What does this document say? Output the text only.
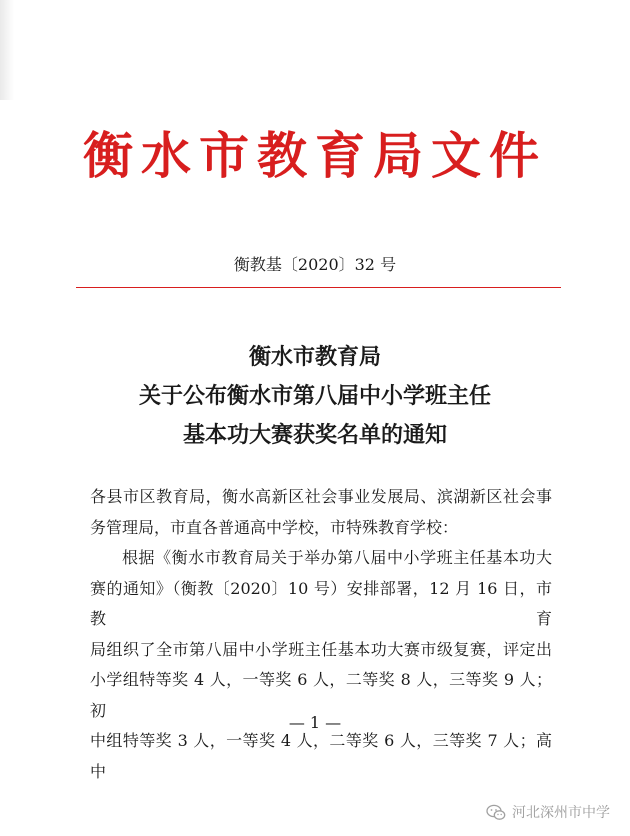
衡水市教育局文件
衡教基〔2020〕32 号
衡水市教育局
关于公布衡水市第八届中小学班主任
基本功大赛获奖名单的通知

各县市区教育局，衡水高新区社会事业发展局、滨湖新区社会事

务管理局，市直各普通高中学校，市特殊教育学校：

根据《衡水市教育局关于举办第八届中小学班主任基本功大

赛的通知》（衡教〔2020〕10 号）安排部署，12 月 16 日，市教育

局组织了全市第八届中小学班主任基本功大赛市级复赛，评定出

小学组特等奖 4 人，一等奖 6 人，二等奖 8 人，三等奖 9 人；初

中组特等奖 3 人，一等奖 4 人，二等奖 6 人，三等奖 7 人；高中

— 1 —
河北深州市中学
